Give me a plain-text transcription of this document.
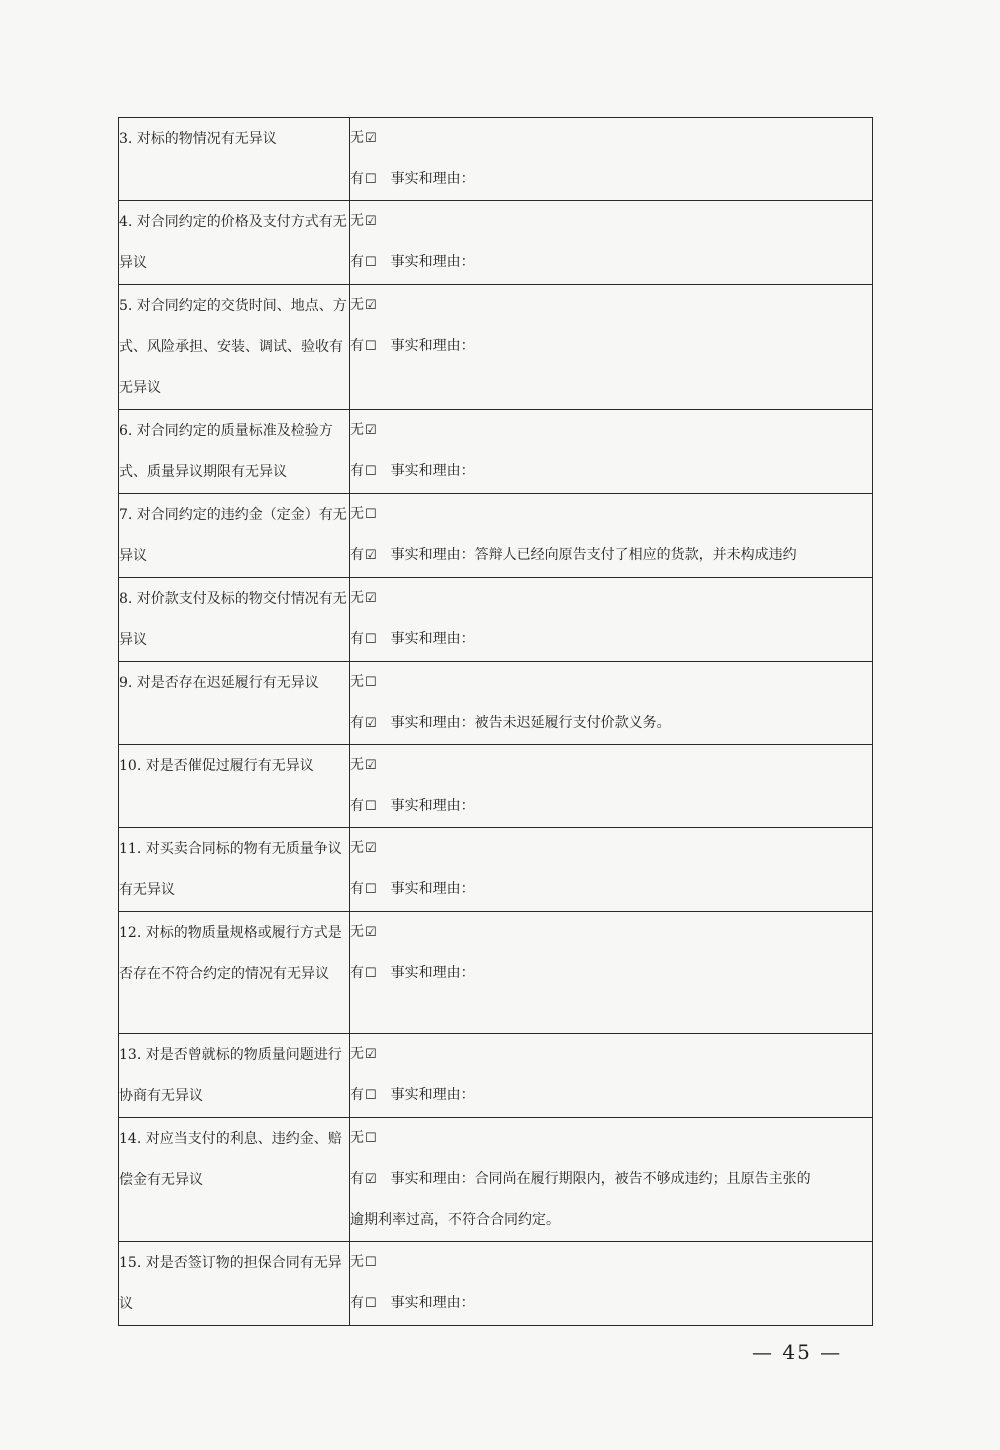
3. 对标的物情况有无异议	无☑
有☐ 事实和理由：

4. 对合同约定的价格及支付方式有无异议	无☑
有☐ 事实和理由：

5. 对合同约定的交货时间、地点、方式、风险承担、安装、调试、验收有无异议	无☑
有☐ 事实和理由：

6. 对合同约定的质量标准及检验方式、质量异议期限有无异议	无☑
有☐ 事实和理由：

7. 对合同约定的违约金（定金）有无异议	无☐
有☑ 事实和理由：答辩人已经向原告支付了相应的货款，并未构成违约

8. 对价款支付及标的物交付情况有无异议	无☑
有☐ 事实和理由：

9. 对是否存在迟延履行有无异议	无☐
有☑ 事实和理由：被告未迟延履行支付价款义务。

10. 对是否催促过履行有无异议	无☑
有☐ 事实和理由：

11. 对买卖合同标的物有无质量争议有无异议	无☑
有☐ 事实和理由：

12. 对标的物质量规格或履行方式是否存在不符合约定的情况有无异议	无☑
有☐ 事实和理由：

13. 对是否曾就标的物质量问题进行协商有无异议	无☑
有☐ 事实和理由：

14. 对应当支付的利息、违约金、赔偿金有无异议	无☐
有☑ 事实和理由：合同尚在履行期限内，被告不够成违约；且原告主张的
逾期利率过高，不符合合同约定。

15. 对是否签订物的担保合同有无异议	无☐
有☐ 事实和理由：
— 45 —
